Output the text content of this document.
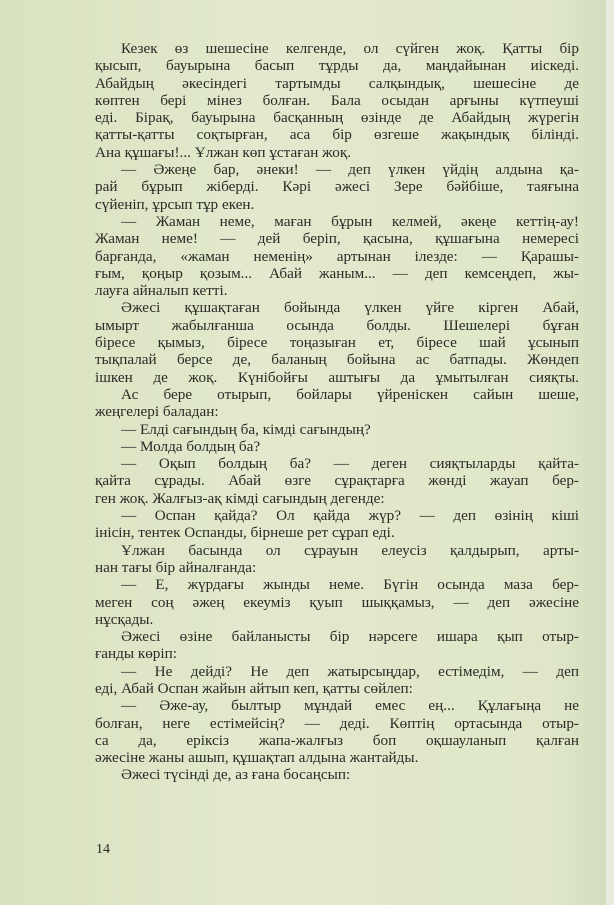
Кезек өз шешесіне келгенде, ол сүйген жоқ. Қатты бір
қысып, бауырына басып тұрды да, маңдайынан иіскеді.
Абайдың әкесіндегі тартымды салқындық, шешесіне де
көптен бері мінез болған. Бала осыдан арғыны күтпеуші
еді. Бірақ, бауырына басқанның өзінде де Абайдың жүрегін
қатты-қатты соқтырған, аса бір өзгеше жақындық білінді.
Ана құшағы!... Ұлжан көп ұстаған жоқ.
— Әжеңе бар, әнеки! — деп үлкен үйдің алдына қа-
рай бұрып жіберді. Кәрі әжесі Зере бәйбіше, таяғына
сүйеніп, ұрсып тұр екен.
— Жаман неме, маған бұрын келмей, әкеңе кеттің-ау!
Жаман неме! — дей беріп, қасына, құшағына немересі
барғанда, «жаман неменің» артынан ілезде: — Қарашы-
ғым, қоңыр қозым... Абай жаным... — деп кемсеңдеп, жы-
лауға айналып кетті.
Әжесі құшақтаған бойында үлкен үйге кірген Абай,
ымырт жабылғанша осында болды. Шешелері бұған
біресе қымыз, біресе тоңазыған ет, біресе шай ұсынып
тықпалай берсе де, баланың бойына ас батпады. Жөндеп
ішкен де жоқ. Күнібойғы аштығы да ұмытылған сияқты.
Ас бере отырып, бойлары үйреніскен сайын шеше,
жеңгелері баладан:
— Елді сағындың ба, кімді сағындың?
— Молда болдың ба?
— Оқып болдың ба? — деген сияқтыларды қайта-
қайта сұрады. Абай өзге сұрақтарға жөнді жауап бер-
ген жоқ. Жалғыз-ақ кімді сағындың дегенде:
— Оспан қайда? Ол қайда жүр? — деп өзінің кіші
інісін, тентек Оспанды, бірнеше рет сұрап еді.
Ұлжан басында ол сұрауын елеусіз қалдырып, арты-
нан тағы бір айналғанда:
— Е, жүрдағы жынды неме. Бүгін осында маза бер-
меген соң әжең екеуміз қуып шыққамыз, — деп әжесіне
нұсқады.
Әжесі өзіне байланысты бір нәрсеге ишара қып отыр-
ғанды көріп:
— Не дейді? Не деп жатырсыңдар, естімедім, — деп
еді, Абай Оспан жайын айтып кеп, қатты сөйлеп:
— Әже-ау, былтыр мұндай емес ең... Құлағыңа не
болған, неге естімейсің? — деді. Көптің ортасында отыр-
са да, еріксіз жапа-жалғыз боп оқшауланып қалған
әжесіне жаны ашып, құшақтап алдына жантайды.
Әжесі түсінді де, аз ғана босаңсып:
14
